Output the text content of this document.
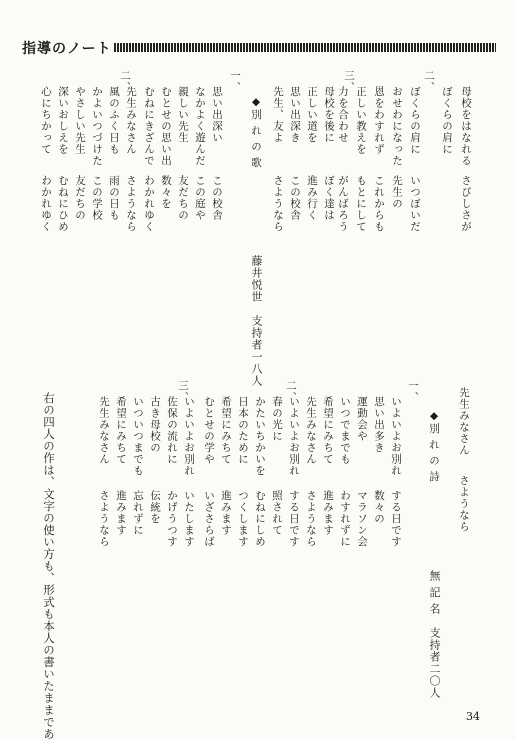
指導のノート
二、
ぼくらの肩に
いつぼいだ
母校をはなれる
さびしさが
ぼくらの肩に
おせわになった
先生の
恩をわすれず
これからも
正しい教えを
もとにして
力を合わせ
がんばろう
三、
母校を後に
ぼく達は
正しい道を
進み行く
思い出深き
この校舎
先生、友よ
さようなら
◆別 れ の 歌
藤井悦世　支持者一八人
一、
思い出深い
この校舎
なかよく遊んだ
この庭や
親しい先生
友だちの
むとせの思い出
数々を
むねにきざんで
わかれゆく
二、
先生みなさん
さようなら
風のふく日も
雨の日も
かよいつづけた
この学校
やさしい先生
友だちの
深いおしえを
むねにひめ
心にちかって
わかれゆく
先生みなさん
さようなら
◆別 れ の 詩
無 記 名　支持者二〇人
一、
いよいよお別れ
する日です
思い出多き
数々の
運動会や
マラソン会
いつでまでも
わすれずに
希望にみちて
進みます
先生みなさん
さようなら
二、
いよいよお別れ
する日です
春の光に
照されて
かたいちかいを
むねにしめ
日本のために
つくします
希望にみちて
進みます
むとせの学や
いざさらば
三、
いよいよお別れ
いたします
佐保の流れに
かげうつす
古き母校の
伝統を
いついつまでも
忘れずに
希望にみちて
進みます
先生みなさん
さようなら
右の四人の作は、文字の使い方も、形式も本人の書いたままであ	34
